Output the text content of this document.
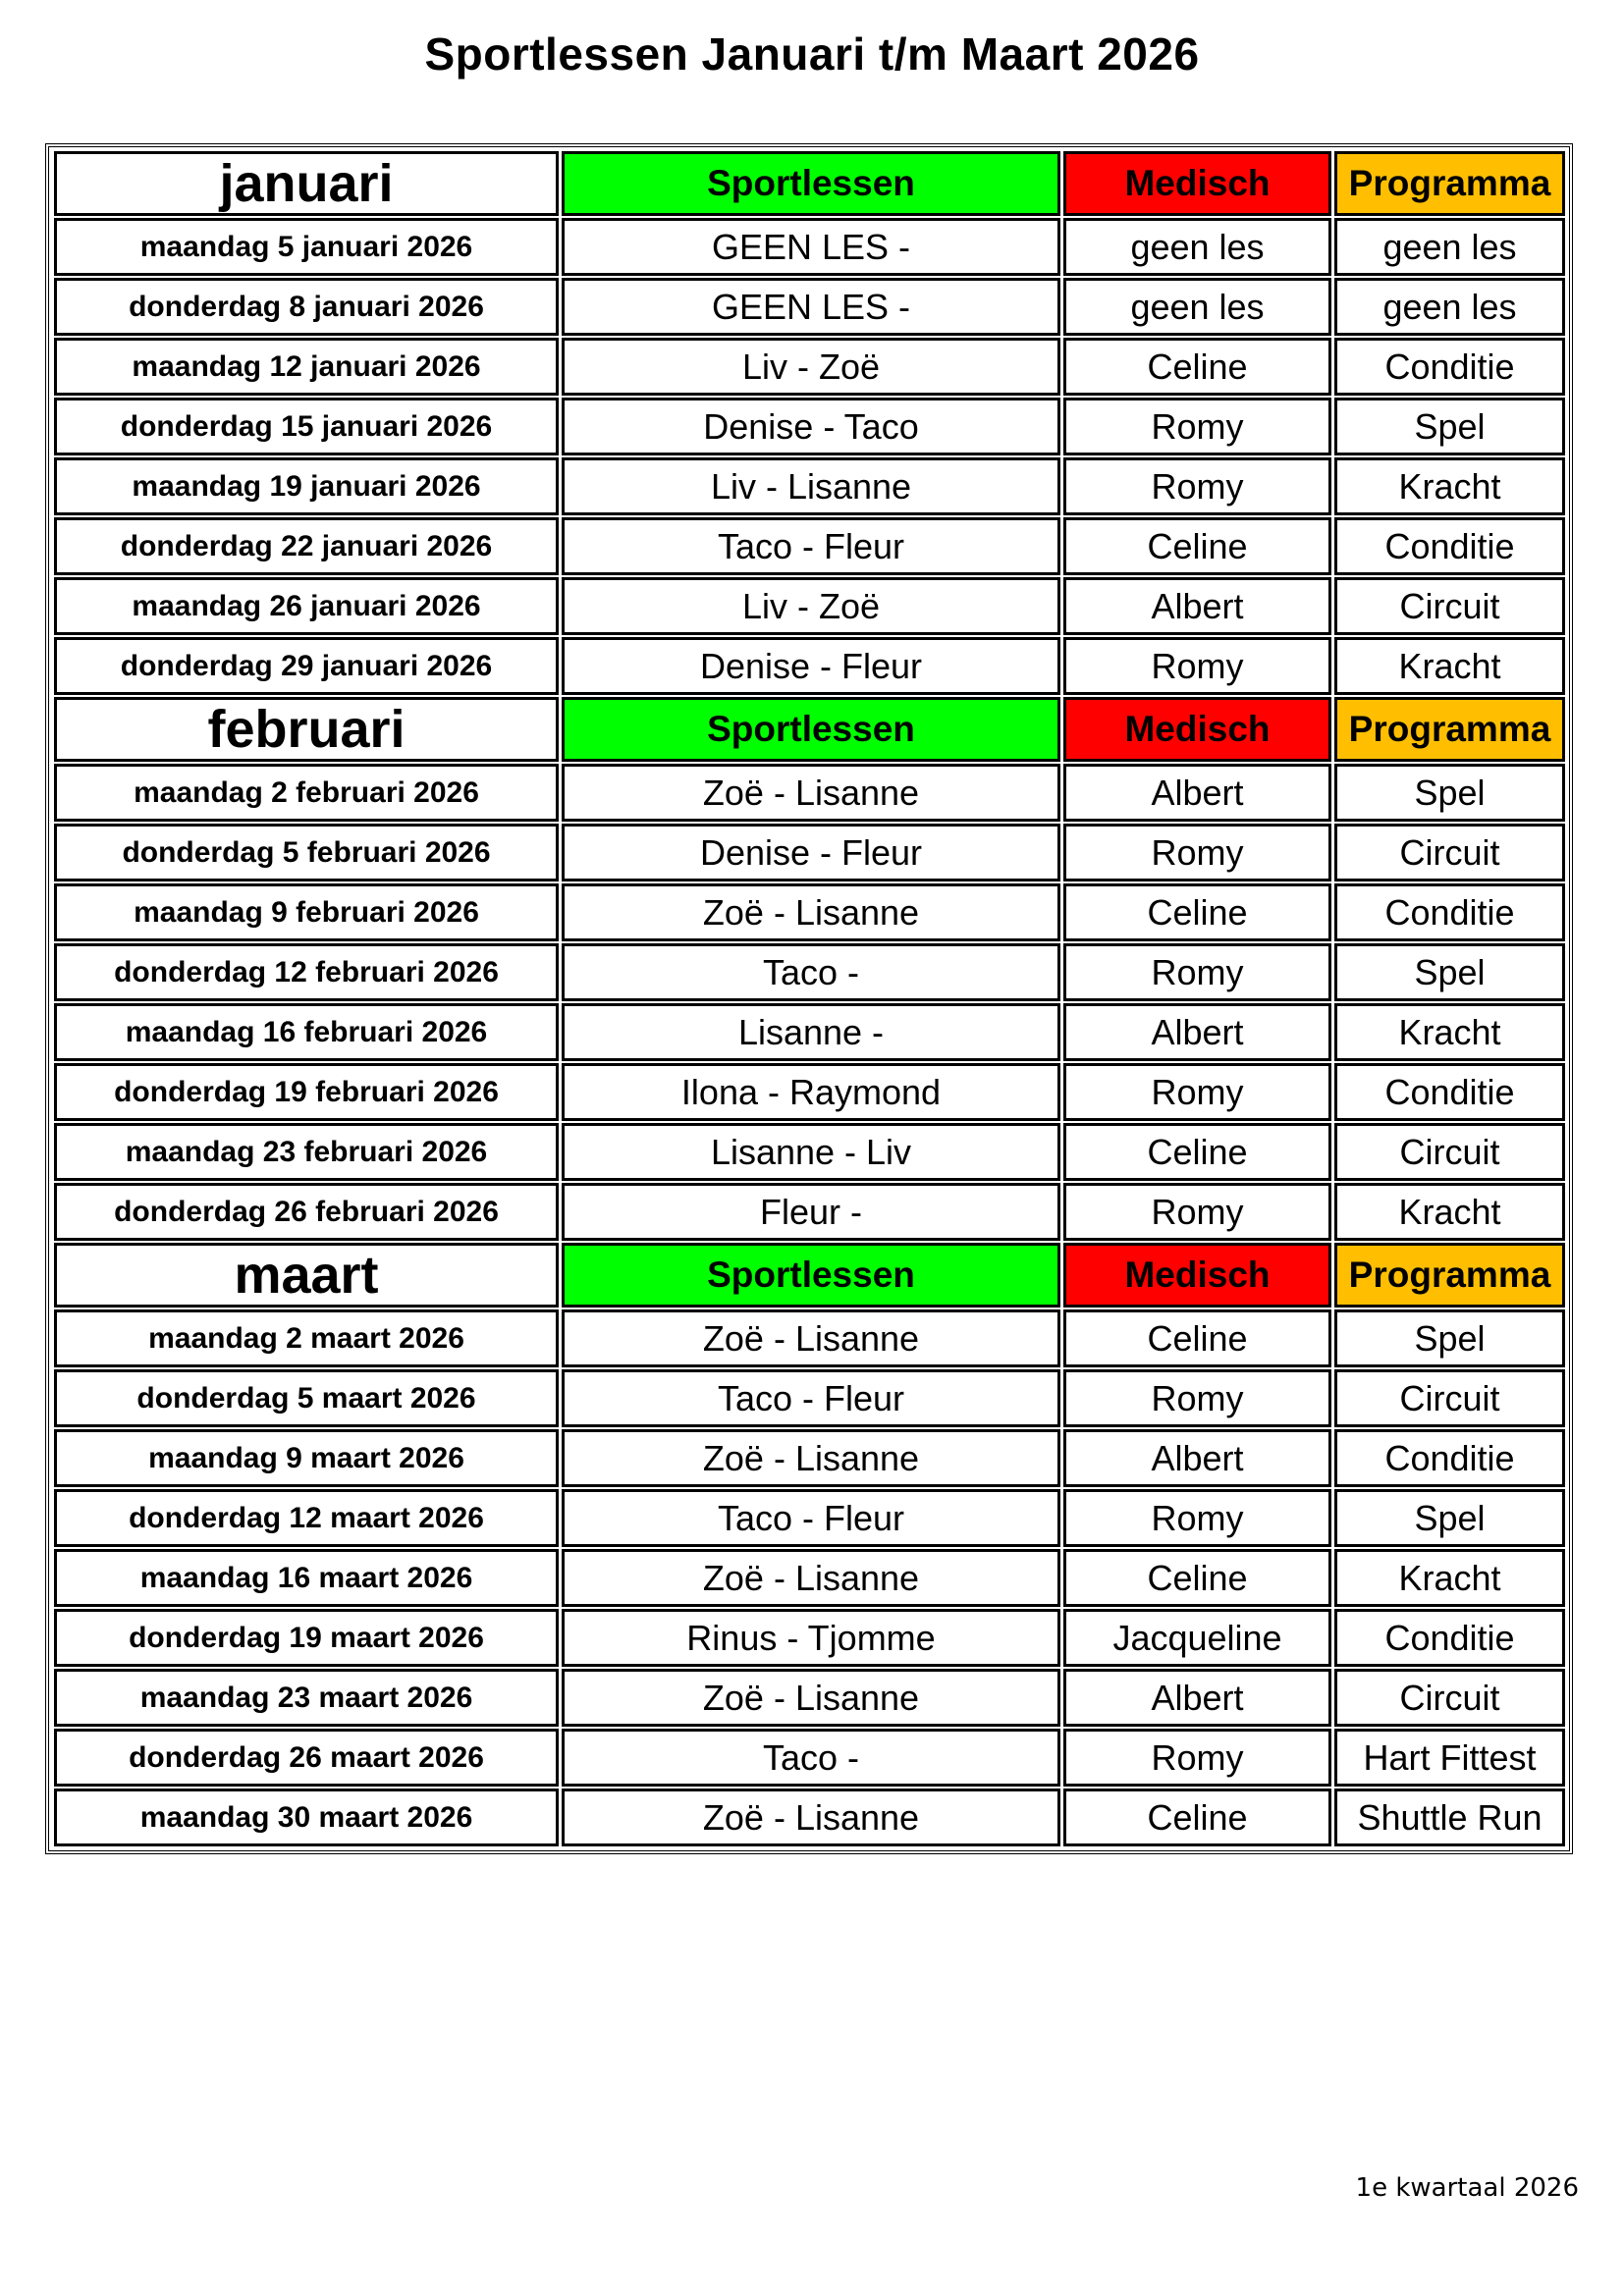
Sportlessen Januari t/m Maart 2026
januari	Sportlessen	Medisch	Programma
maandag 5 januari 2026	GEEN LES -	geen les	geen les
donderdag 8 januari 2026	GEEN LES -	geen les	geen les
maandag 12 januari 2026	Liv - Zoë	Celine	Conditie
donderdag 15 januari 2026	Denise - Taco	Romy	Spel
maandag 19 januari 2026	Liv - Lisanne	Romy	Kracht
donderdag 22 januari 2026	Taco - Fleur	Celine	Conditie
maandag 26 januari 2026	Liv - Zoë	Albert	Circuit
donderdag 29 januari 2026	Denise - Fleur	Romy	Kracht
februari	Sportlessen	Medisch	Programma
maandag 2 februari 2026	Zoë - Lisanne	Albert	Spel
donderdag 5 februari 2026	Denise - Fleur	Romy	Circuit
maandag 9 februari 2026	Zoë - Lisanne	Celine	Conditie
donderdag 12 februari 2026	Taco -	Romy	Spel
maandag 16 februari 2026	Lisanne -	Albert	Kracht
donderdag 19 februari 2026	Ilona - Raymond	Romy	Conditie
maandag 23 februari 2026	Lisanne - Liv	Celine	Circuit
donderdag 26 februari 2026	Fleur -	Romy	Kracht
maart	Sportlessen	Medisch	Programma
maandag 2 maart 2026	Zoë - Lisanne	Celine	Spel
donderdag 5 maart 2026	Taco - Fleur	Romy	Circuit
maandag 9 maart 2026	Zoë - Lisanne	Albert	Conditie
donderdag 12 maart 2026	Taco - Fleur	Romy	Spel
maandag 16 maart 2026	Zoë - Lisanne	Celine	Kracht
donderdag 19 maart 2026	Rinus - Tjomme	Jacqueline	Conditie
maandag 23 maart 2026	Zoë - Lisanne	Albert	Circuit
donderdag 26 maart 2026	Taco -	Romy	Hart Fittest
maandag 30 maart 2026	Zoë - Lisanne	Celine	Shuttle Run
1e kwartaal 2026
